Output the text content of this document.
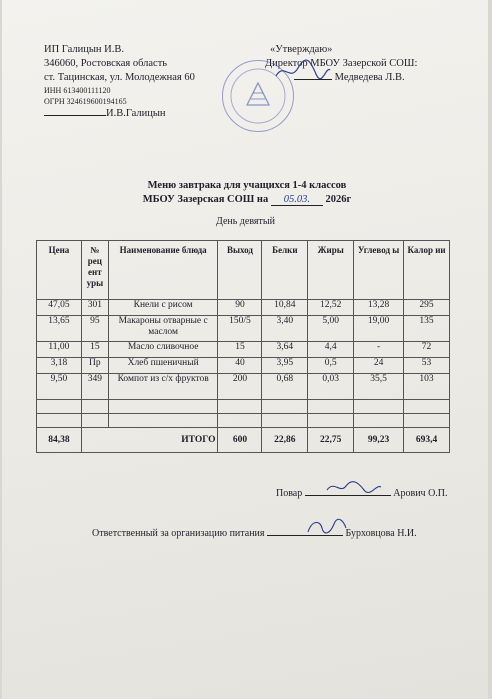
ИП Галицын И.В.
346060, Ростовская область
ст. Тацинская, ул. Молодежная 60
ИНН 613400111120
ОГРН 324619600194165
И.В.Галицын
«Утверждаю»
Директор МБОУ Зазерской СОШ:
Медведева Л.В.
Меню завтрака для учащихся 1-4 классов
МБОУ Зазерская СОШ на 05.03. 2026г
День девятый
Цена	№ рец ент уры	Наименование блюда	Выход	Белки	Жиры	Углевод ы	Калор ии
47,05	301	Кнели с рисом	90	10,84	12,52	13,28	295
13,65	95	Макароны отварные с маслом	150/5	3,40	5,00	19,00	135
11,00	15	Масло сливочное	15	3,64	4,4	-	72
3,18	Пр	Хлеб пшеничный	40	3,95	0,5	24	53
9,50	349	Компот из с/х фруктов	200	0,68	0,03	35,5	103

84,38	ИТОГО		600	22,86	22,75	99,23	693,4
Повар	Арович О.П.
Ответственный за организацию питания	Бурховцова Н.И.
